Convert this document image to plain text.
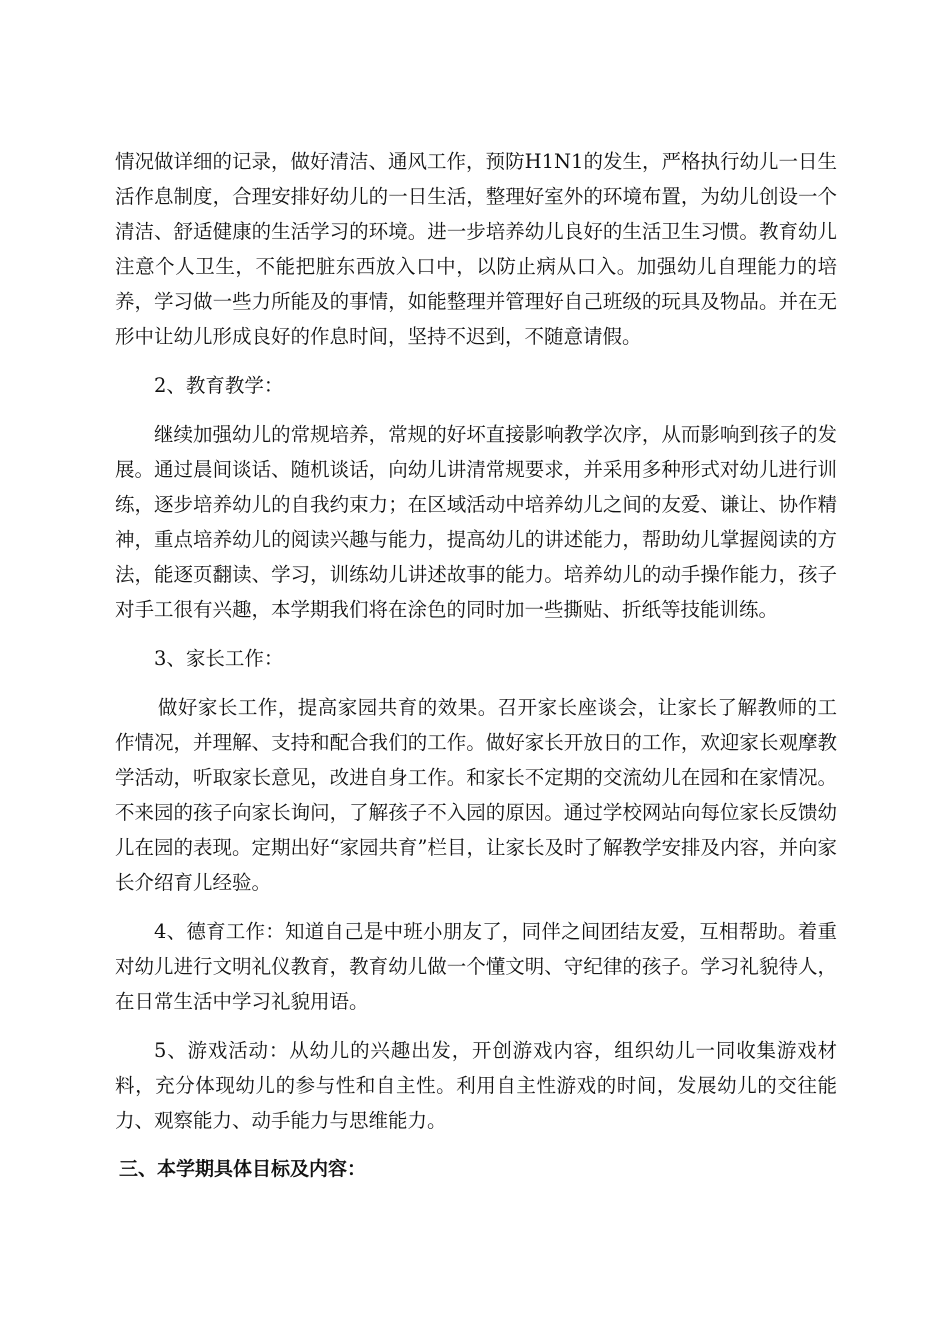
情况做详细的记录，做好清洁、通风工作，预防H1N1的发生，严格执行幼儿一日生活作息制度，合理安排好幼儿的一日生活，整理好室外的环境布置，为幼儿创设一个清洁、舒适健康的生活学习的环境。进一步培养幼儿良好的生活卫生习惯。教育幼儿注意个人卫生，不能把脏东西放入口中，以防止病从口入。加强幼儿自理能力的培养，学习做一些力所能及的事情，如能整理并管理好自己班级的玩具及物品。并在无形中让幼儿形成良好的作息时间，坚持不迟到，不随意请假。

2、教育教学：

继续加强幼儿的常规培养，常规的好坏直接影响教学次序，从而影响到孩子的发展。通过晨间谈话、随机谈话，向幼儿讲清常规要求，并采用多种形式对幼儿进行训练，逐步培养幼儿的自我约束力；在区域活动中培养幼儿之间的友爱、谦让、协作精神，重点培养幼儿的阅读兴趣与能力，提高幼儿的讲述能力，帮助幼儿掌握阅读的方法，能逐页翻读、学习，训练幼儿讲述故事的能力。培养幼儿的动手操作能力，孩子对手工很有兴趣，本学期我们将在涂色的同时加一些撕贴、折纸等技能训练。

3、家长工作：

做好家长工作，提高家园共育的效果。召开家长座谈会，让家长了解教师的工作情况，并理解、支持和配合我们的工作。做好家长开放日的工作，欢迎家长观摩教学活动，听取家长意见，改进自身工作。和家长不定期的交流幼儿在园和在家情况。不来园的孩子向家长询问，了解孩子不入园的原因。通过学校网站向每位家长反馈幼儿在园的表现。定期出好“家园共育”栏目，让家长及时了解教学安排及内容，并向家长介绍育儿经验。

4、德育工作：知道自己是中班小朋友了，同伴之间团结友爱，互相帮助。着重对幼儿进行文明礼仪教育，教育幼儿做一个懂文明、守纪律的孩子。学习礼貌待人，在日常生活中学习礼貌用语。

5、游戏活动：从幼儿的兴趣出发，开创游戏内容，组织幼儿一同收集游戏材料，充分体现幼儿的参与性和自主性。利用自主性游戏的时间，发展幼儿的交往能力、观察能力、动手能力与思维能力。

三、本学期具体目标及内容：
